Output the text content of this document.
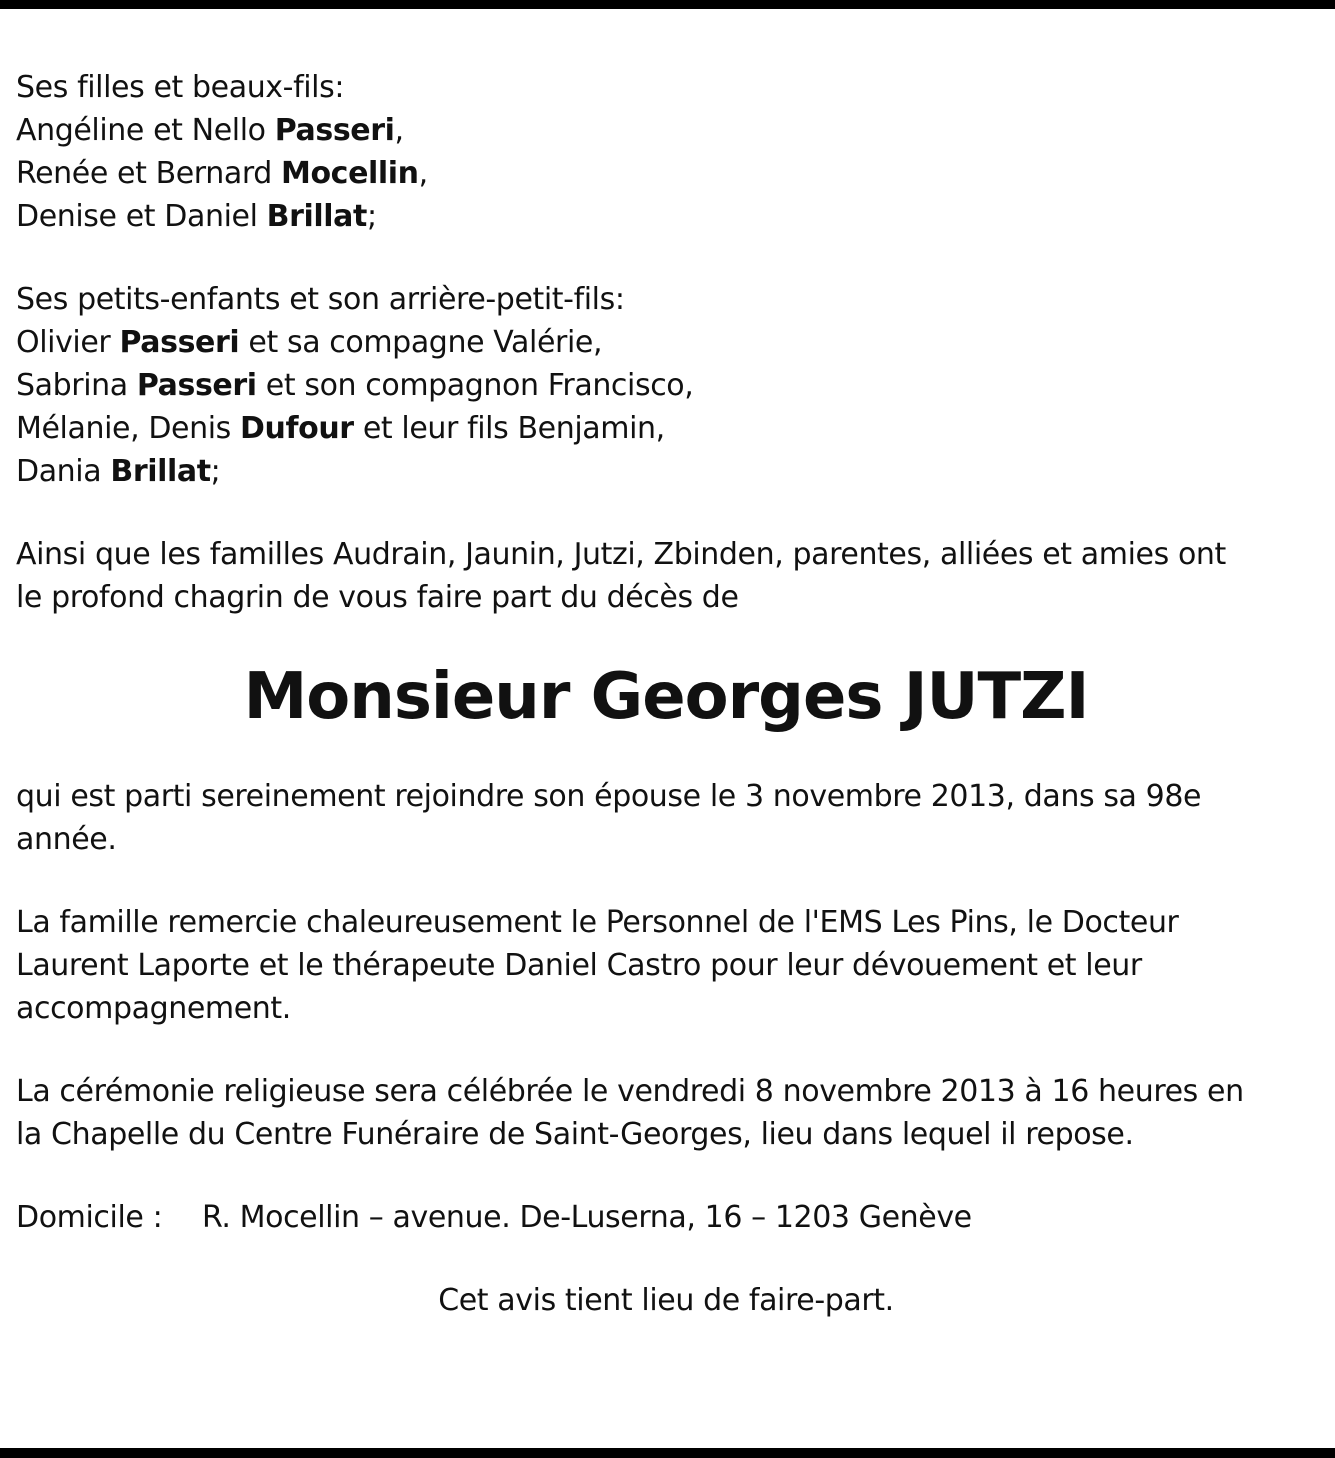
Ses filles et beaux-fils:
Angéline et Nello Passeri,
Renée et Bernard Mocellin,
Denise et Daniel Brillat;
Ses petits-enfants et son arrière-petit-fils:
Olivier Passeri et sa compagne Valérie,
Sabrina Passeri et son compagnon Francisco,
Mélanie, Denis Dufour et leur fils Benjamin,
Dania Brillat;
Ainsi que les familles Audrain, Jaunin, Jutzi, Zbinden, parentes, alliées et amies ont
le profond chagrin de vous faire part du décès de
Monsieur Georges JUTZI
qui est parti sereinement rejoindre son épouse le 3 novembre 2013, dans sa 98e
année.
La famille remercie chaleureusement le Personnel de l'EMS Les Pins, le Docteur
Laurent Laporte et le thérapeute Daniel Castro pour leur dévouement et leur
accompagnement.
La cérémonie religieuse sera célébrée le vendredi 8 novembre 2013 à 16 heures en
la Chapelle du Centre Funéraire de Saint-Georges, lieu dans lequel il repose.
Domicile : R. Mocellin – avenue. De-Luserna, 16 – 1203 Genève
Cet avis tient lieu de faire-part.
